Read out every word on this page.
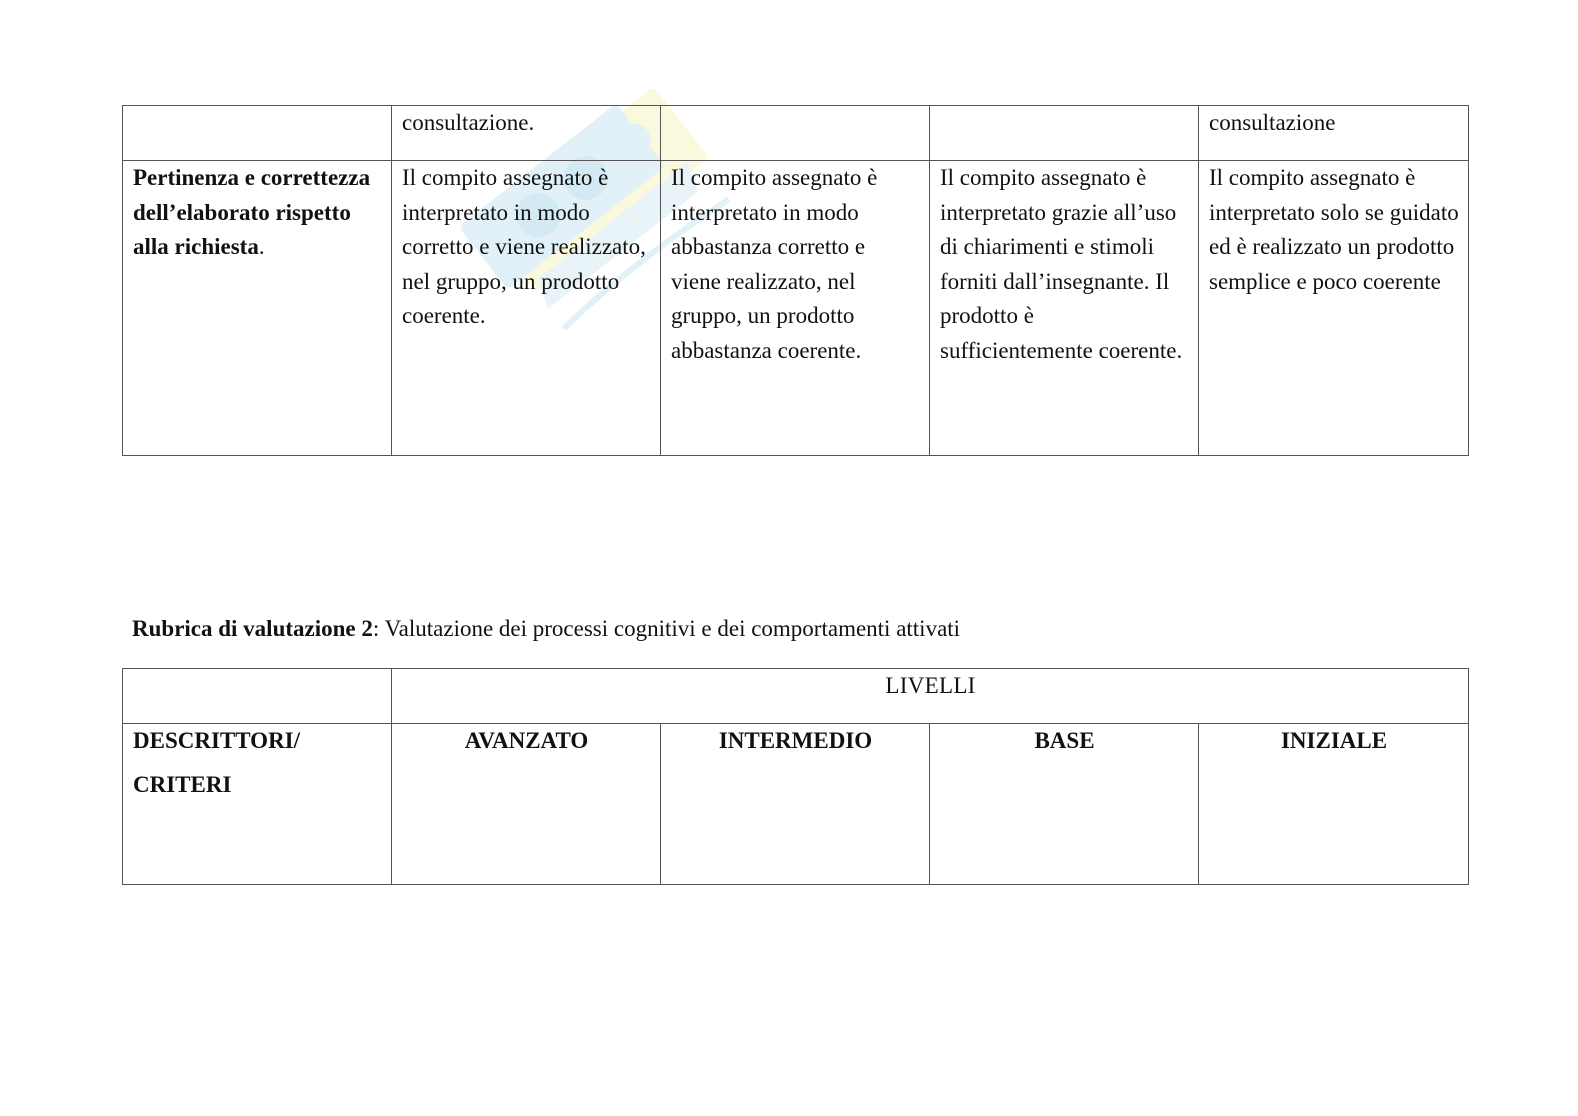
	consultazione.			consultazione
Pertinenza e correttezza dell’elaborato rispetto alla richiesta.	Il compito assegnato è interpretato in modo corretto e viene realizzato, nel gruppo, un prodotto coerente.	Il compito assegnato è interpretato in modo abbastanza corretto e viene realizzato, nel gruppo, un prodotto abbastanza coerente.	Il compito assegnato è interpretato grazie all’uso di chiarimenti e stimoli forniti dall’insegnante. Il prodotto è sufficientemente coerente.	Il compito assegnato è interpretato solo se guidato ed è realizzato un prodotto semplice e poco coerente
Rubrica di valutazione 2: Valutazione dei processi cognitivi e dei comportamenti attivati
	LIVELLI			

DESCRITTORI/
CRITERI	AVANZATO	INTERMEDIO	BASE	INIZIALE
